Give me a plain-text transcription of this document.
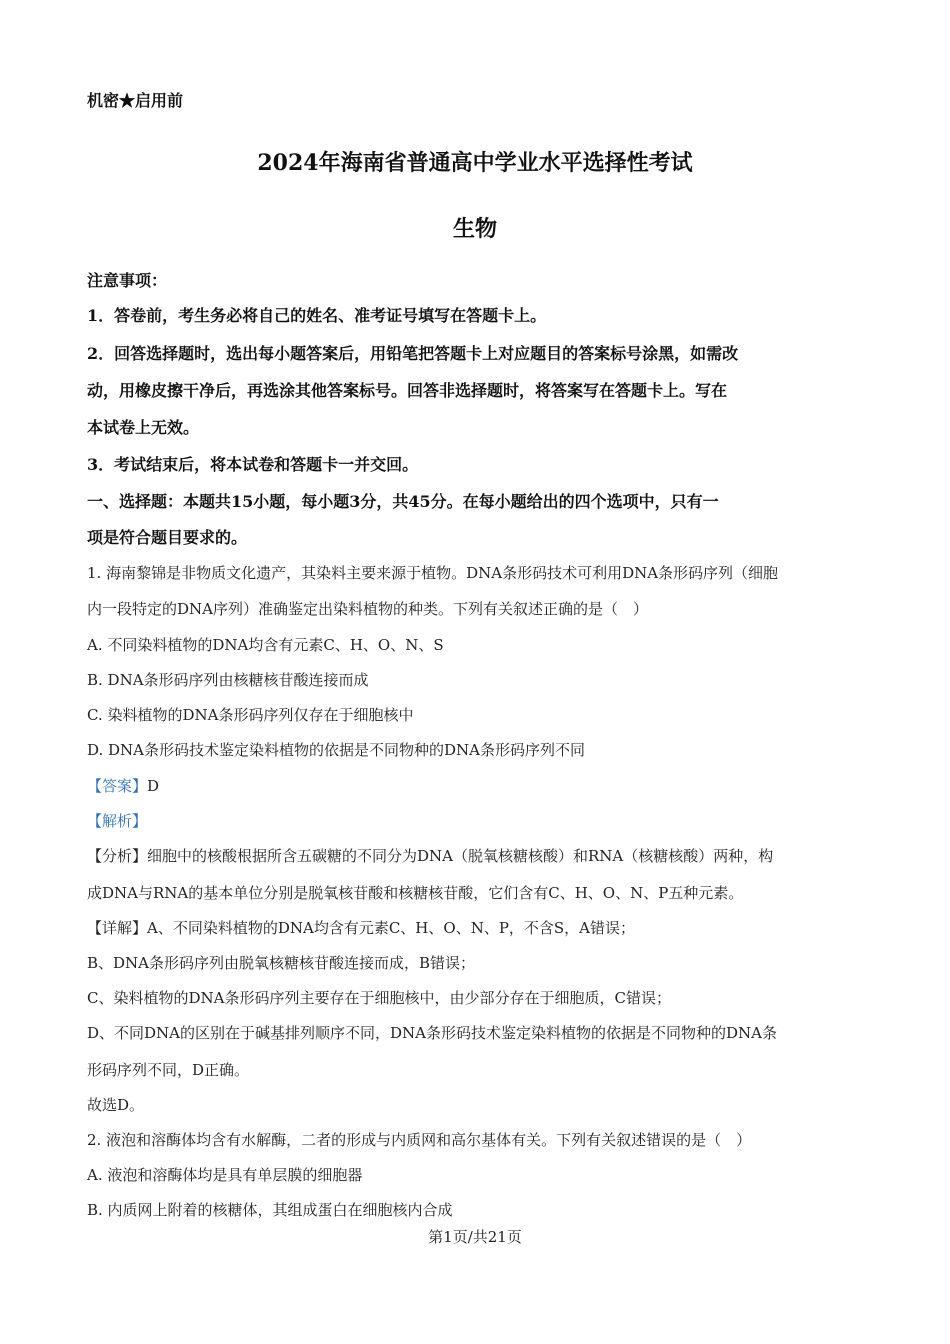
机密★启用前
2024年海南省普通高中学业水平选择性考试
生物
注意事项：
1．答卷前，考生务必将自己的姓名、准考证号填写在答题卡上。
2．回答选择题时，选出每小题答案后，用铅笔把答题卡上对应题目的答案标号涂黑，如需改
动，用橡皮擦干净后，再选涂其他答案标号。回答非选择题时，将答案写在答题卡上。写在
本试卷上无效。
3．考试结束后，将本试卷和答题卡一并交回。
一、选择题：本题共15小题，每小题3分，共45分。在每小题给出的四个选项中，只有一
项是符合题目要求的。
1. 海南黎锦是非物质文化遗产，其染料主要来源于植物。DNA条形码技术可利用DNA条形码序列（细胞
内一段特定的DNA序列）准确鉴定出染料植物的种类。下列有关叙述正确的是（　）
A. 不同染料植物的DNA均含有元素C、H、O、N、S
B. DNA条形码序列由核糖核苷酸连接而成
C. 染料植物的DNA条形码序列仅存在于细胞核中
D. DNA条形码技术鉴定染料植物的依据是不同物种的DNA条形码序列不同
【答案】D
【解析】
【分析】细胞中的核酸根据所含五碳糖的不同分为DNA（脱氧核糖核酸）和RNA（核糖核酸）两种，构
成DNA与RNA的基本单位分别是脱氧核苷酸和核糖核苷酸，它们含有C、H、O、N、P五种元素。
【详解】A、不同染料植物的DNA均含有元素C、H、O、N、P，不含S，A错误；
B、DNA条形码序列由脱氧核糖核苷酸连接而成，B错误；
C、染料植物的DNA条形码序列主要存在于细胞核中，由少部分存在于细胞质，C错误；
D、不同DNA的区别在于碱基排列顺序不同，DNA条形码技术鉴定染料植物的依据是不同物种的DNA条
形码序列不同，D正确。
故选D。
2. 液泡和溶酶体均含有水解酶，二者的形成与内质网和高尔基体有关。下列有关叙述错误的是（　）
A. 液泡和溶酶体均是具有单层膜的细胞器
B. 内质网上附着的核糖体，其组成蛋白在细胞核内合成
第1页/共21页
